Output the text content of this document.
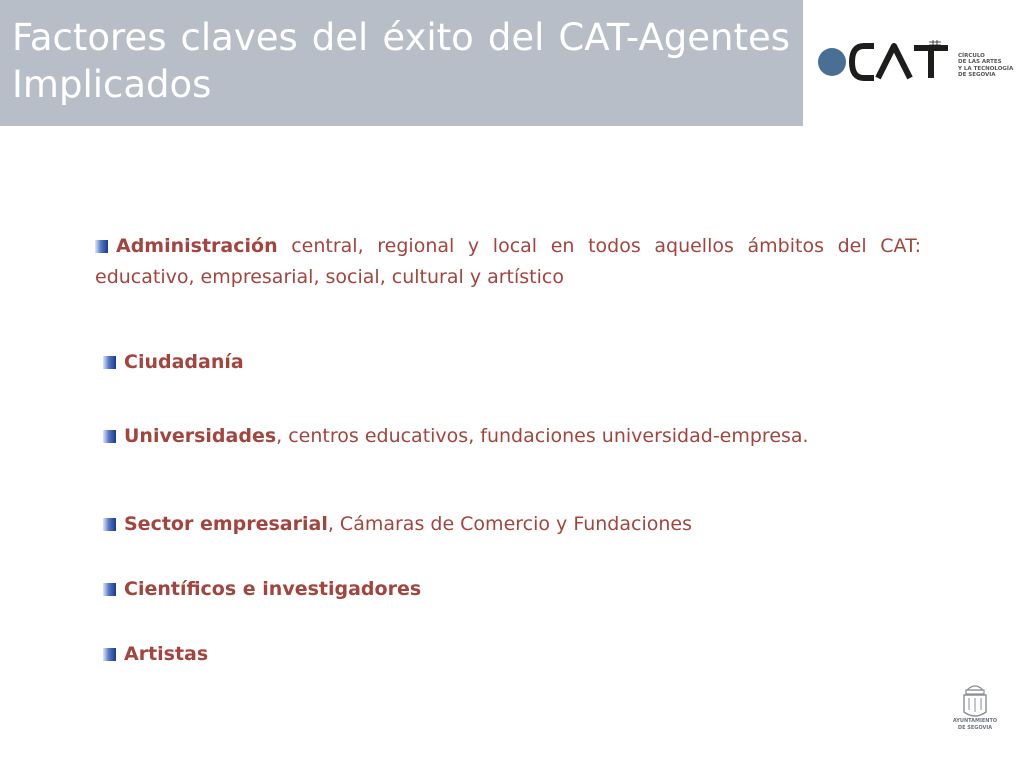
Factores claves del éxito del CAT-Agentes Implicados
CÍRCULO
DE LAS ARTES
Y LA TECNOLOGÍA
DE SEGOVIA
Administración central, regional y local en todos aquellos ámbitos del CAT: educativo, empresarial, social, cultural y artístico
Ciudadanía
Universidades, centros educativos, fundaciones universidad-empresa.
Sector empresarial, Cámaras de Comercio y Fundaciones
Científicos e investigadores
Artistas
AYUNTAMIENTO
DE SEGOVIA
